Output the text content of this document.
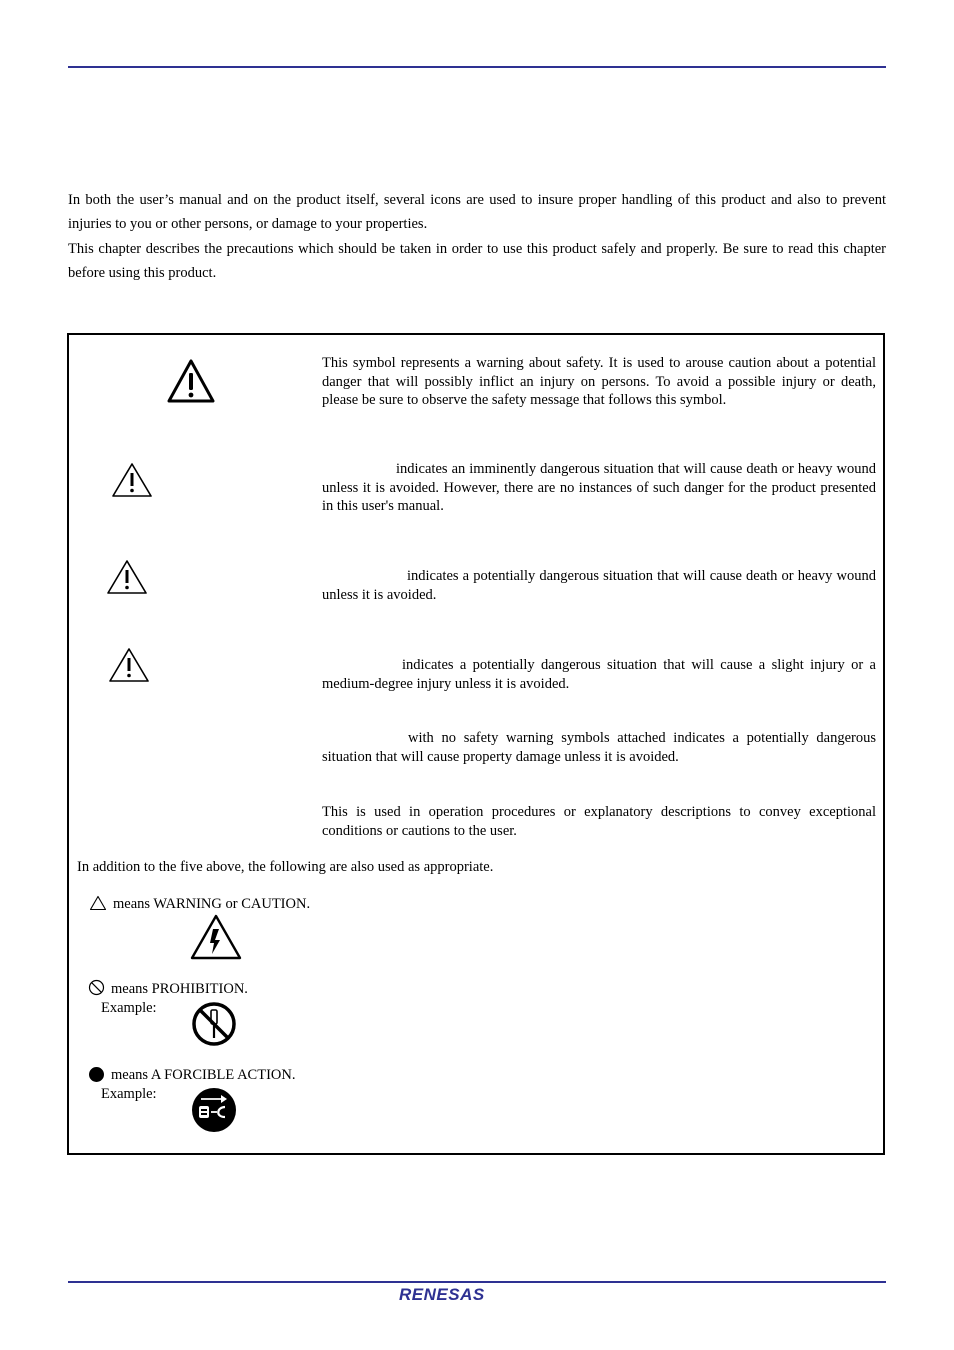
In both the user’s manual and on the product itself, several icons are used to insure proper handling of this product and also to prevent injuries to you or other persons, or damage to your properties.

This chapter describes the precautions which should be taken in order to use this product safely and properly. Be sure to read this chapter before using this product.

This symbol represents a warning about safety. It is used to arouse caution about a potential danger that will possibly inflict an injury on persons. To avoid a possible injury or death, please be sure to observe the safety message that follows this symbol.

indicates an imminently dangerous situation that will cause death or heavy wound unless it is avoided. However, there are no instances of such danger for the product presented in this user's manual.

indicates a potentially dangerous situation that will cause death or heavy wound unless it is avoided.

indicates a potentially dangerous situation that will cause a slight injury or a medium-degree injury unless it is avoided.

with no safety warning symbols attached indicates a potentially dangerous situation that will cause property damage unless it is avoided.

This is used in operation procedures or explanatory descriptions to convey exceptional conditions or cautions to the user.

In addition to the five above, the following are also used as appropriate.

means WARNING or CAUTION.

means PROHIBITION.

Example:

means A FORCIBLE ACTION.

Example:

RENESAS
